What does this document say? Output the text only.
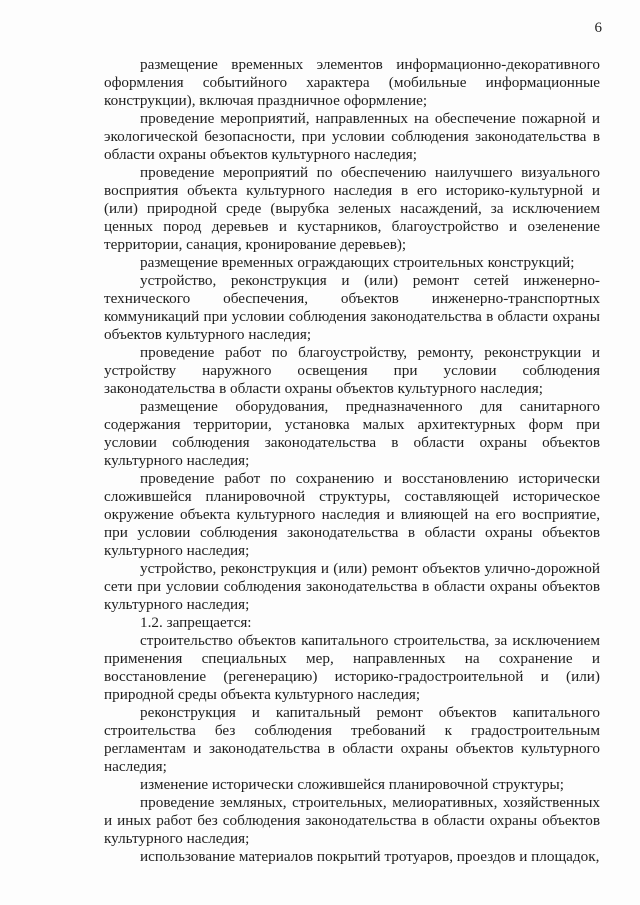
6

размещение временных элементов информационно-декоративного оформления событийного характера (мобильные информационные конструкции), включая праздничное оформление;

проведение мероприятий, направленных на обеспечение пожарной и экологической безопасности, при условии соблюдения законодательства в области охраны объектов культурного наследия;

проведение мероприятий по обеспечению наилучшего визуального восприятия объекта культурного наследия в его историко-культурной и (или) природной среде (вырубка зеленых насаждений, за исключением ценных пород деревьев и кустарников, благоустройство и озеленение территории, санация, кронирование деревьев);

размещение временных ограждающих строительных конструкций;

устройство, реконструкция и (или) ремонт сетей инженерно-технического обеспечения, объектов инженерно-транспортных коммуникаций при условии соблюдения законодательства в области охраны объектов культурного наследия;

проведение работ по благоустройству, ремонту, реконструкции и устройству наружного освещения при условии соблюдения законодательства в области охраны объектов культурного наследия;

размещение оборудования, предназначенного для санитарного содержания территории, установка малых архитектурных форм при условии соблюдения законодательства в области охраны объектов культурного наследия;

проведение работ по сохранению и восстановлению исторически сложившейся планировочной структуры, составляющей историческое окружение объекта культурного наследия и влияющей на его восприятие, при условии соблюдения законодательства в области охраны объектов культурного наследия;

устройство, реконструкция и (или) ремонт объектов улично-дорожной сети при условии соблюдения законодательства в области охраны объектов культурного наследия;

1.2. запрещается:

строительство объектов капитального строительства, за исключением применения специальных мер, направленных на сохранение и восстановление (регенерацию) историко-градостроительной и (или) природной среды объекта культурного наследия;

реконструкция и капитальный ремонт объектов капитального строительства без соблюдения требований к градостроительным регламентам и законодательства в области охраны объектов культурного наследия;

изменение исторически сложившейся планировочной структуры;

проведение земляных, строительных, мелиоративных, хозяйственных и иных работ без соблюдения законодательства в области охраны объектов культурного наследия;

использование материалов покрытий тротуаров, проездов и площадок,
